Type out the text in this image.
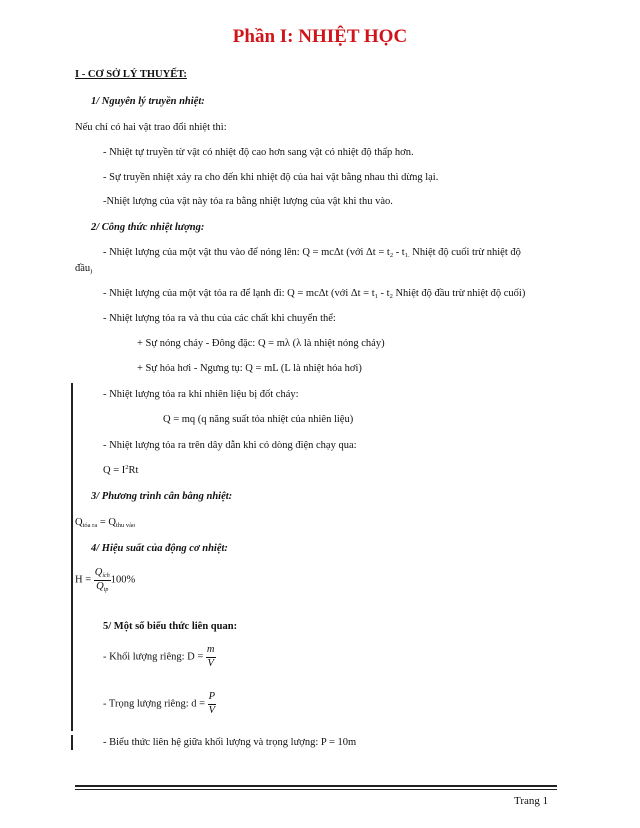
Phần I: NHIỆT HỌC
I - CƠ SỞ LÝ THUYẾT:
1/ Nguyên lý truyền nhiệt:
Nếu chỉ có hai vật trao đổi nhiệt thì:
- Nhiệt tự truyền từ vật có nhiệt độ cao hơn sang vật có nhiệt độ thấp hơn.
- Sự truyền nhiệt xảy ra cho đến khi nhiệt độ của hai vật bằng nhau thì dừng lại.
-Nhiệt lượng của vật này tỏa ra bằng nhiệt lượng của vật khi thu vào.
2/ Công thức nhiệt lượng:
- Nhiệt lượng của một vật thu vào để nóng lên: Q = mcΔt (với $\Delta t = t_2 - t_{1.}$ Nhiệt độ cuối trừ nhiệt độ
đầu$_)$
- Nhiệt lượng của một vật tỏa ra để lạnh đi: Q = mcΔt (với $\Delta t = t_1 - t_2$ Nhiệt độ đầu trừ nhiệt độ cuối)
- Nhiệt lượng tỏa ra và thu của các chất khi chuyển thể:
+ Sự nóng chảy - Đông đặc: Q = mλ (λ là nhiệt nóng chảy)
+ Sự hóa hơi - Ngưng tụ: Q = mL (L là nhiệt hóa hơi)
- Nhiệt lượng tỏa ra khi nhiên liệu bị đốt cháy:
Q = mq (q năng suất tỏa nhiệt của nhiên liệu)
- Nhiệt lượng tỏa ra trên dây dẫn khi có dòng điện chạy qua:
$Q = I^2Rt$
3/ Phương trình cân bằng nhiệt:
$Q_{tỏa ra} = Q_{thu vào}$
4/ Hiệu suất của động cơ nhiệt:
$H = \frac{Q_{ích}}{Q_{tp}} 100\%$
5/ Một số biểu thức liên quan:
- Khối lượng riêng: $D = \frac{m}{V}$
- Trọng lượng riêng: $d = \frac{P}{V}$
- Biểu thức liên hệ giữa khối lượng và trọng lượng: P = 10m
Trang 1
